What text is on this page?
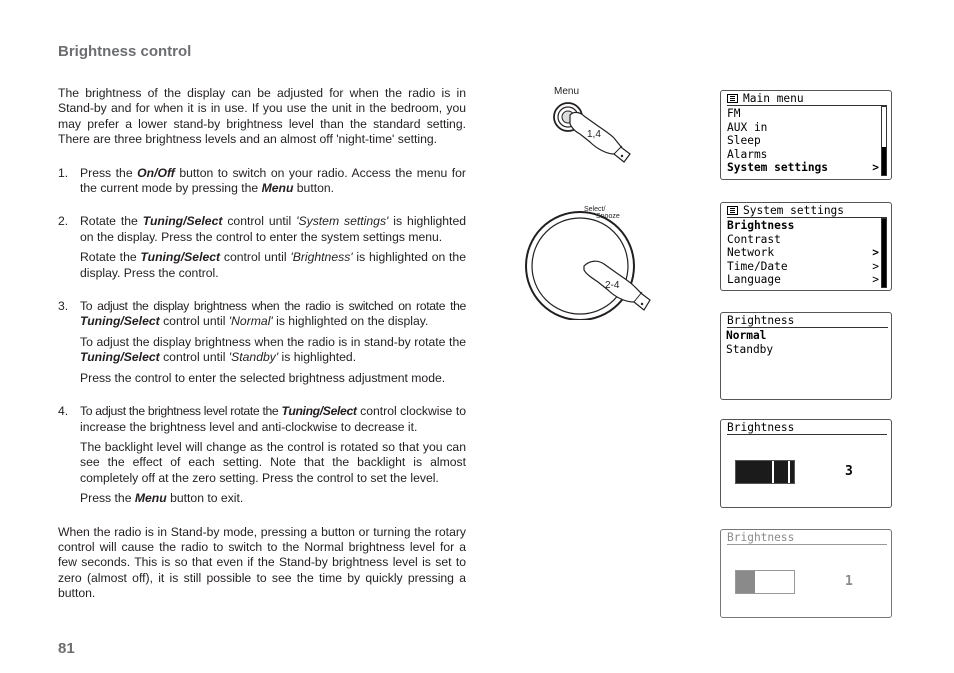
Brightness control

The brightness of the display can be adjusted for when the radio is in Stand-by and for when it is in use. If you use the unit in the bedroom, you may prefer a lower stand-by brightness level than the standard setting. There are three brightness levels and an almost off 'night-time' setting.

1. Press the On/Off button to switch on your radio. Access the menu for the current mode by pressing the Menu button.

2. Rotate the Tuning/Select control until 'System settings' is highlighted on the display. Press the control to enter the system settings menu.

Rotate the Tuning/Select control until 'Brightness' is highlighted on the display. Press the control.

3. To adjust the display brightness when the radio is switched on rotate the Tuning/Select control until 'Normal' is highlighted on the display.

To adjust the display brightness when the radio is in stand-by rotate the Tuning/Select control until 'Standby' is highlighted.

Press the control to enter the selected brightness adjustment mode.

4. To adjust the brightness level rotate the Tuning/Select control clockwise to increase the brightness level and anti-clockwise to decrease it.

The backlight level will change as the control is rotated so that you can see the effect of each setting. Note that the backlight is almost completely off at the zero setting. Press the control to set the level.

Press the Menu button to exit.

When the radio is in Stand-by mode, pressing a button or turning the rotary control will cause the radio to switch to the Normal brightness level for a few seconds. This is so that even if the Stand-by brightness level is set to zero (almost off), it is still possible to see the time by quickly pressing a button.

81
Menu
1,4
Select/
Snooze
2-4
Main menu
FM
AUX in
Sleep
Alarms
System settings	>
System settings
Brightness
Contrast
Network	>
Time/Date	>
Language	>
Brightness
Normal
Standby
Brightness
3
Brightness
1
